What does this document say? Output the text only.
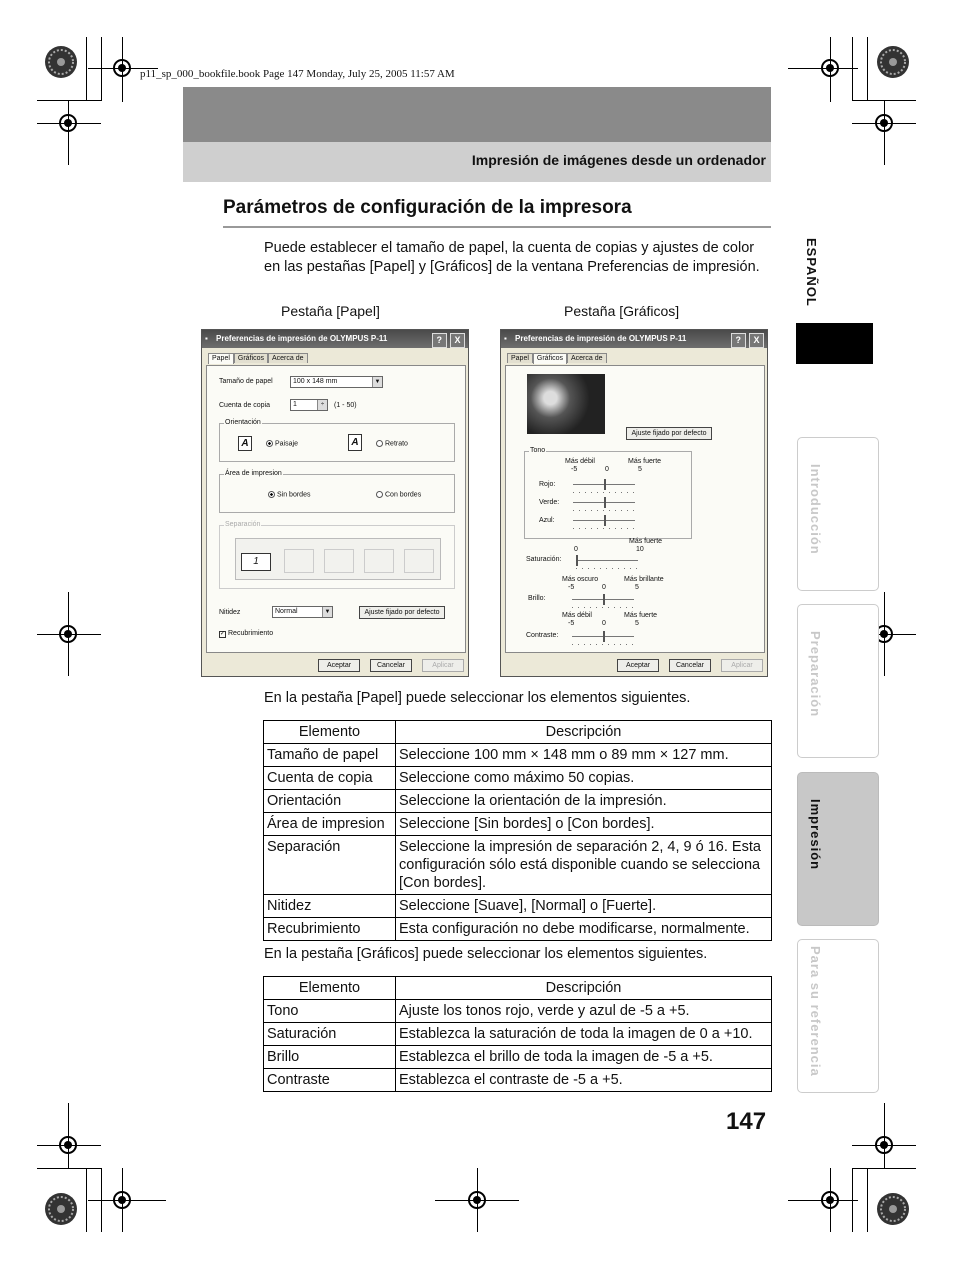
p11_sp_000_bookfile.book Page 147 Monday, July 25, 2005 11:57 AM
Impresión de imágenes desde un ordenador
Parámetros de configuración de la impresora
Puede establecer el tamaño de papel, la cuenta de copias y ajustes de color en las pestañas [Papel] y [Gráficos] de la ventana Preferencias de impresión.
Pestaña [Papel]	Pestaña [Gráficos]
▪ Preferencias de impresión de OLYMPUS P-11	? X
Papel Gráficos Acerca de
Tamaño de papel	100 x 148 mm	▼
Cuenta de copia	1	÷	(1 - 50)
Orientación
A	Paisaje	A	Retrato
Área de impresion
Sin bordes	Con bordes
Separación
1
Nitidez	Normal	▼	Ajuste fijado por defecto
✓ Recubrimiento
Aceptar	Cancelar	Aplicar
▪ Preferencias de impresión de OLYMPUS P-11	? X
Papel Gráficos Acerca de
Ajuste fijado por defecto
Tono
Más débil	Más fuerte
-5	0	5
Rojo:
Verde:
Azul:
Más fuerte
0	10
Saturación:
Más oscuro	Más brillante
-5	0	5
Brillo:
Más débil	Más fuerte
-5	0	5
Contraste:
Aceptar	Cancelar	Aplicar
En la pestaña [Papel] puede seleccionar los elementos siguientes.
Elemento	Descripción
Tamaño de papel	Seleccione 100 mm × 148 mm o 89 mm × 127 mm.
Cuenta de copia	Seleccione como máximo 50 copias.
Orientación	Seleccione la orientación de la impresión.
Área de impresion	Seleccione [Sin bordes] o [Con bordes].
Separación	Seleccione la impresión de separación 2, 4, 9 ó 16. Esta configuración sólo está disponible cuando se selecciona [Con bordes].
Nitidez	Seleccione [Suave], [Normal] o [Fuerte].
Recubrimiento	Esta configuración no debe modificarse, normalmente.
En la pestaña [Gráficos] puede seleccionar los elementos siguientes.
Elemento	Descripción
Tono	Ajuste los tonos rojo, verde y azul de -5 a +5.
Saturación	Establezca la saturación de toda la imagen de 0 a +10.
Brillo	Establezca el brillo de toda la imagen de -5 a +5.
Contraste	Establezca el contraste de -5 a +5.
ESPAÑOL
Introducción
Preparación
Impresión
Para su referencia
147
